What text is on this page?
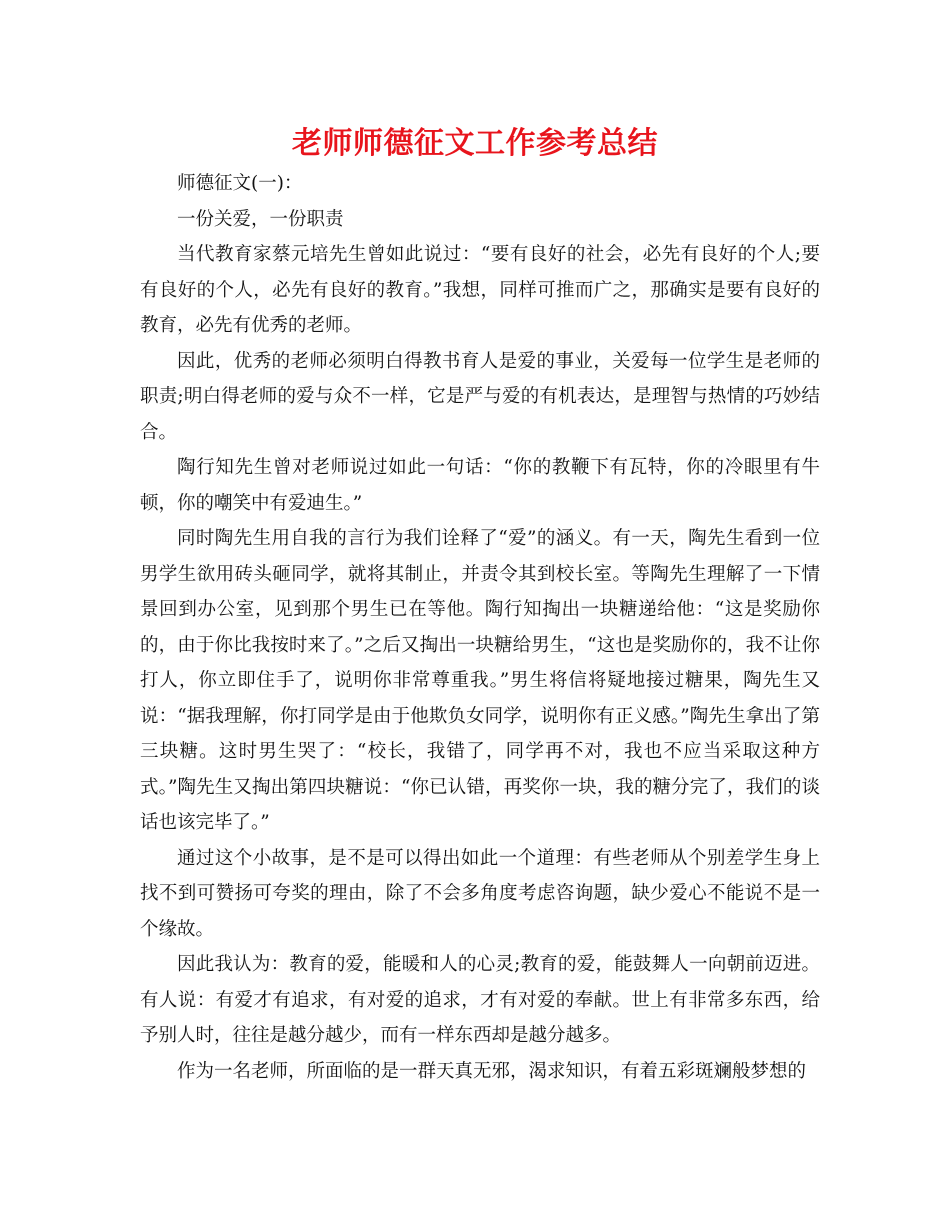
老师师德征文工作参考总结

师德征文(一)：

一份关爱，一份职责

当代教育家蔡元培先生曾如此说过：“要有良好的社会，必先有良好的个人;要有良好的个人，必先有良好的教育。”我想，同样可推而广之，那确实是要有良好的教育，必先有优秀的老师。

因此，优秀的老师必须明白得教书育人是爱的事业，关爱每一位学生是老师的职责;明白得老师的爱与众不一样，它是严与爱的有机表达，是理智与热情的巧妙结合。

陶行知先生曾对老师说过如此一句话：“你的教鞭下有瓦特，你的冷眼里有牛顿，你的嘲笑中有爱迪生。”

同时陶先生用自我的言行为我们诠释了“爱”的涵义。有一天，陶先生看到一位男学生欲用砖头砸同学，就将其制止，并责令其到校长室。等陶先生理解了一下情景回到办公室，见到那个男生已在等他。陶行知掏出一块糖递给他：“这是奖励你的，由于你比我按时来了。”之后又掏出一块糖给男生，“这也是奖励你的，我不让你打人，你立即住手了，说明你非常尊重我。”男生将信将疑地接过糖果，陶先生又说：“据我理解，你打同学是由于他欺负女同学，说明你有正义感。”陶先生拿出了第三块糖。这时男生哭了：“校长，我错了，同学再不对，我也不应当采取这种方式。”陶先生又掏出第四块糖说：“你已认错，再奖你一块，我的糖分完了，我们的谈话也该完毕了。”

通过这个小故事，是不是可以得出如此一个道理：有些老师从个别差学生身上找不到可赞扬可夸奖的理由，除了不会多角度考虑咨询题，缺少爱心不能说不是一个缘故。

因此我认为：教育的爱，能暖和人的心灵;教育的爱，能鼓舞人一向朝前迈进。有人说：有爱才有追求，有对爱的追求，才有对爱的奉献。世上有非常多东西，给予别人时，往往是越分越少，而有一样东西却是越分越多。

作为一名老师，所面临的是一群天真无邪，渴求知识，有着五彩斑斓般梦想的
